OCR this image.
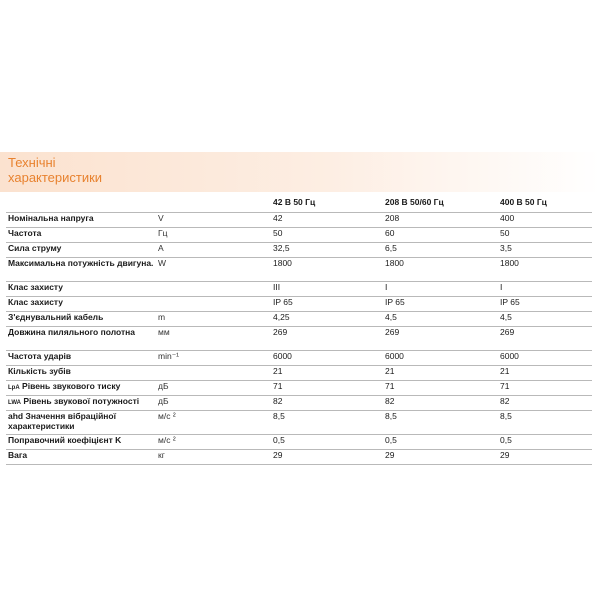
Технічні
характеристики
		42 В 50 Гц	208 В 50/60 Гц	400 В 50 Гц
Номінальна напруга	V	42	208	400
Частота	Гц	50	60	50
Сила струму	A	32,5	6,5	3,5
Максимальна потужність двигуна.	W	1800	1800	1800
Клас захисту		III	I	I
Клас захисту		IP 65	IP 65	IP 65
З'єднувальний кабель	m	4,25	4,5	4,5
Довжина пиляльного полотна	мм	269	269	269
Частота ударів	min⁻¹	6000	6000	6000
Кількість зубів		21	21	21
LpA Рівень звукового тиску	дБ	71	71	71
LWA Рівень звукової потужності	дБ	82	82	82
ahd Значення вібраційної характеристики	м/с ²	8,5	8,5	8,5
Поправочний коефіцієнт K	м/с ²	0,5	0,5	0,5
Вага	кг	29	29	29
